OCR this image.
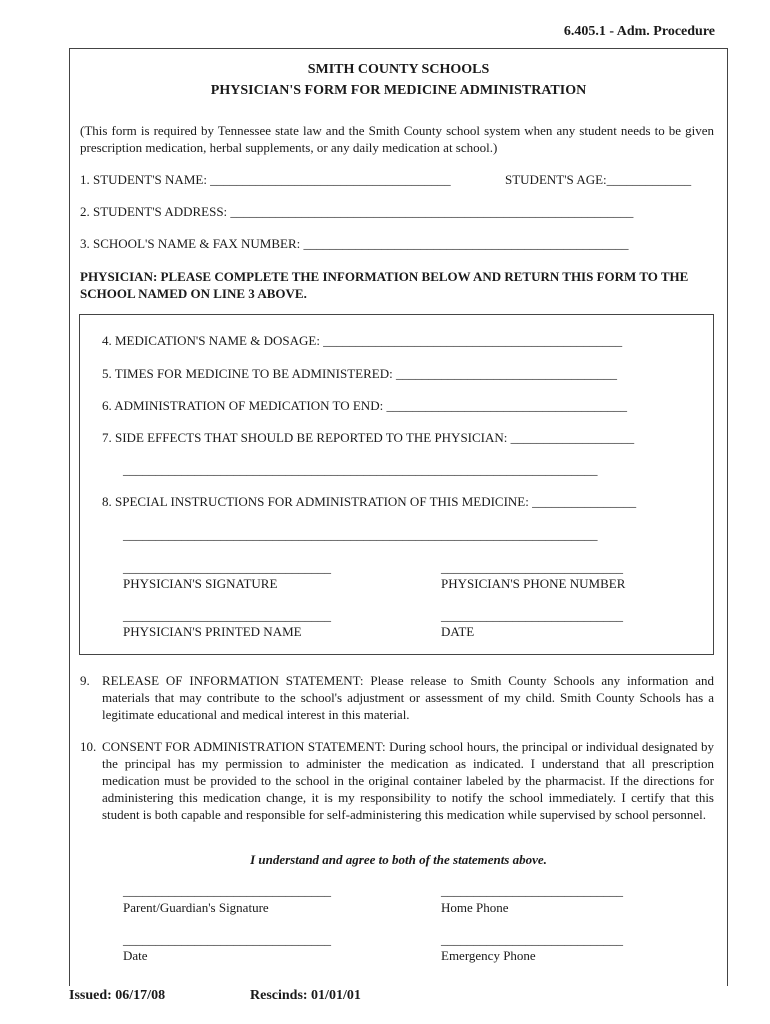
6.405.1 - Adm. Procedure
SMITH COUNTY SCHOOLS
PHYSICIAN'S FORM FOR MEDICINE ADMINISTRATION
(This form is required by Tennessee state law and the Smith County school system when any student needs to be given prescription medication, herbal supplements, or any daily medication at school.)
1. STUDENT'S NAME: _____________________________________	STUDENT'S AGE:_____________
2. STUDENT'S ADDRESS: ______________________________________________________________
3. SCHOOL'S NAME & FAX NUMBER: __________________________________________________
PHYSICIAN: PLEASE COMPLETE THE INFORMATION BELOW AND RETURN THIS FORM TO THE SCHOOL NAMED ON LINE 3 ABOVE.
4. MEDICATION'S NAME & DOSAGE: ______________________________________________
5. TIMES FOR MEDICINE TO BE ADMINISTERED: __________________________________
6. ADMINISTRATION OF MEDICATION TO END: _____________________________________
7. SIDE EFFECTS THAT SHOULD BE REPORTED TO THE PHYSICIAN: ___________________
_________________________________________________________________________
8. SPECIAL INSTRUCTIONS FOR ADMINISTRATION OF THIS MEDICINE: ________________
_________________________________________________________________________
________________________________	____________________________
PHYSICIAN'S SIGNATURE	PHYSICIAN'S PHONE NUMBER
________________________________	____________________________
PHYSICIAN'S PRINTED NAME	DATE
9. RELEASE OF INFORMATION STATEMENT: Please release to Smith County Schools any information and materials that may contribute to the school's adjustment or assessment of my child. Smith County Schools has a legitimate educational and medical interest in this material.
10. CONSENT FOR ADMINISTRATION STATEMENT: During school hours, the principal or individual designated by the principal has my permission to administer the medication as indicated. I understand that all prescription medication must be provided to the school in the original container labeled by the pharmacist. If the directions for administering this medication change, it is my responsibility to notify the school immediately. I certify that this student is both capable and responsible for self-administering this medication while supervised by school personnel.
I understand and agree to both of the statements above.
________________________________	____________________________
Parent/Guardian's Signature	Home Phone
________________________________	____________________________
Date	Emergency Phone
Issued: 06/17/08	Rescinds: 01/01/01
